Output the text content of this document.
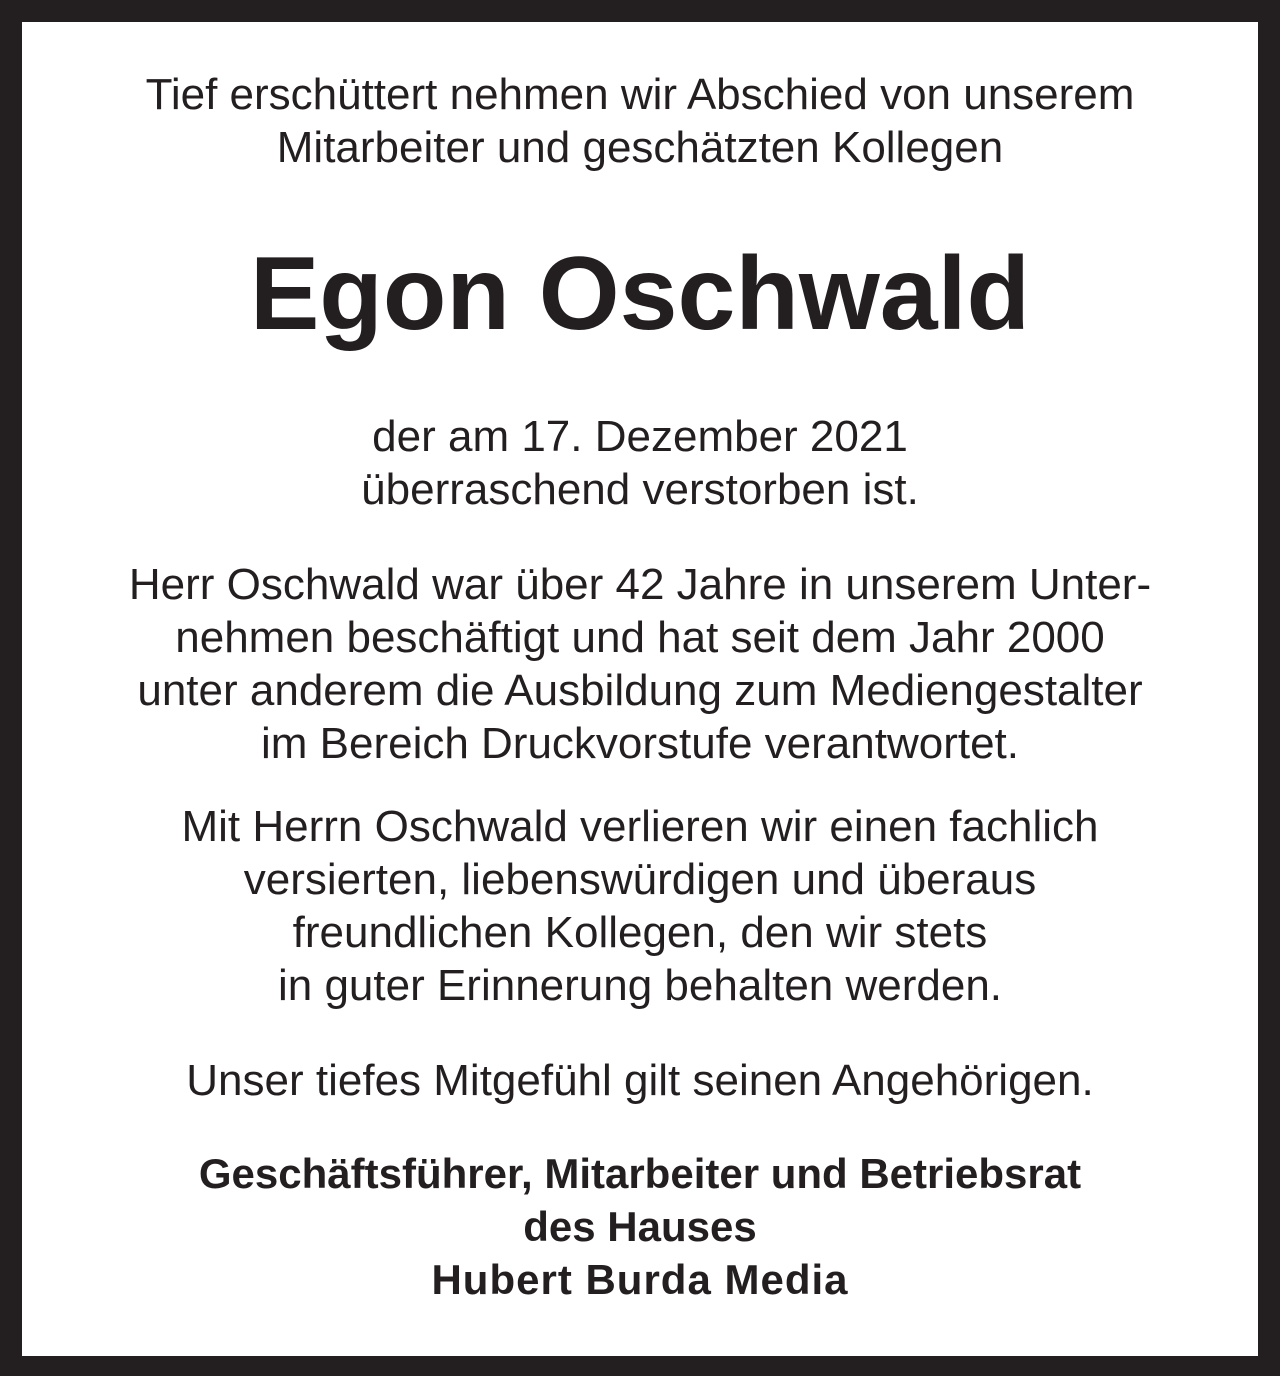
Tief erschüttert nehmen wir Abschied von unserem
Mitarbeiter und geschätzten Kollegen
Egon Oschwald
der am 17. Dezember 2021
überraschend verstorben ist.
Herr Oschwald war über 42 Jahre in unserem Unter-
nehmen beschäftigt und hat seit dem Jahr 2000
unter anderem die Ausbildung zum Mediengestalter
im Bereich Druckvorstufe verantwortet.
Mit Herrn Oschwald verlieren wir einen fachlich
versierten, liebenswürdigen und überaus
freundlichen Kollegen, den wir stets
in guter Erinnerung behalten werden.
Unser tiefes Mitgefühl gilt seinen Angehörigen.
Geschäftsführer, Mitarbeiter und Betriebsrat
des Hauses
Hubert Burda Media
